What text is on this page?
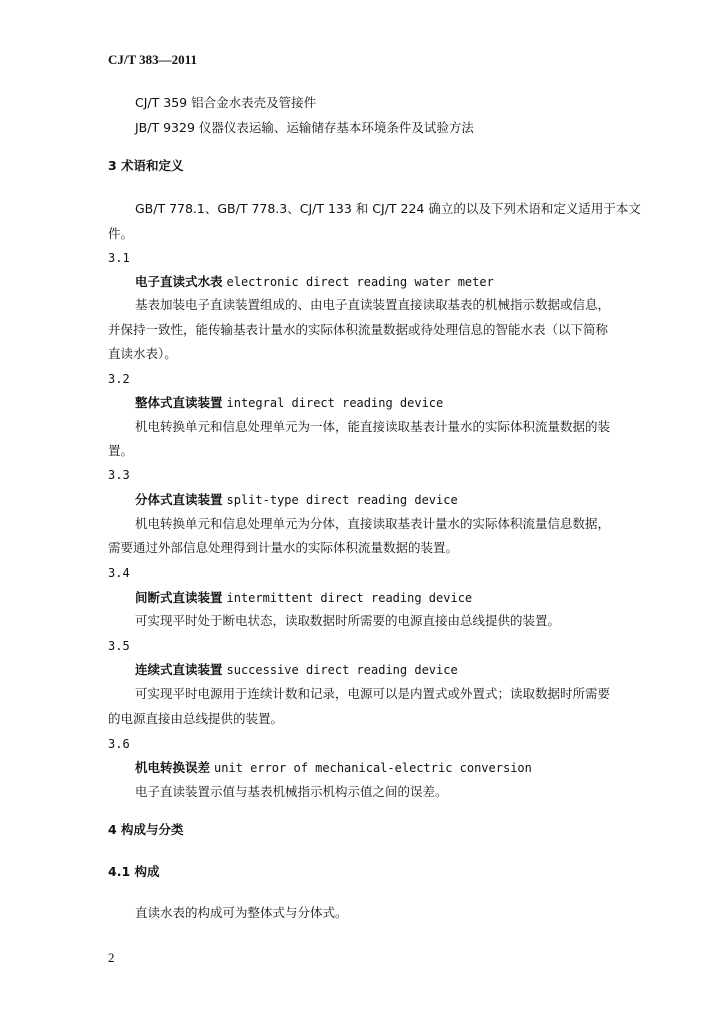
CJ/T 383—2011
CJ/T 359 铝合金水表壳及管接件
JB/T 9329 仪器仪表运输、运输储存基本环境条件及试验方法
3 术语和定义
GB/T 778.1、GB/T 778.3、CJ/T 133 和 CJ/T 224 确立的以及下列术语和定义适用于本文
件。
3.1
电子直读式水表 electronic direct reading water meter
基表加装电子直读装置组成的、由电子直读装置直接读取基表的机械指示数据或信息，
并保持一致性，能传输基表计量水的实际体积流量数据或待处理信息的智能水表（以下简称
直读水表）。
3.2
整体式直读装置 integral direct reading device
机电转换单元和信息处理单元为一体，能直接读取基表计量水的实际体积流量数据的装
置。
3.3
分体式直读装置 split-type direct reading device
机电转换单元和信息处理单元为分体，直接读取基表计量水的实际体积流量信息数据，
需要通过外部信息处理得到计量水的实际体积流量数据的装置。
3.4
间断式直读装置 intermittent direct reading device
可实现平时处于断电状态，读取数据时所需要的电源直接由总线提供的装置。
3.5
连续式直读装置 successive direct reading device
可实现平时电源用于连续计数和记录，电源可以是内置式或外置式；读取数据时所需要
的电源直接由总线提供的装置。
3.6
机电转换误差 unit error of mechanical-electric conversion
电子直读装置示值与基表机械指示机构示值之间的误差。
4 构成与分类
4.1 构成
直读水表的构成可为整体式与分体式。
2
